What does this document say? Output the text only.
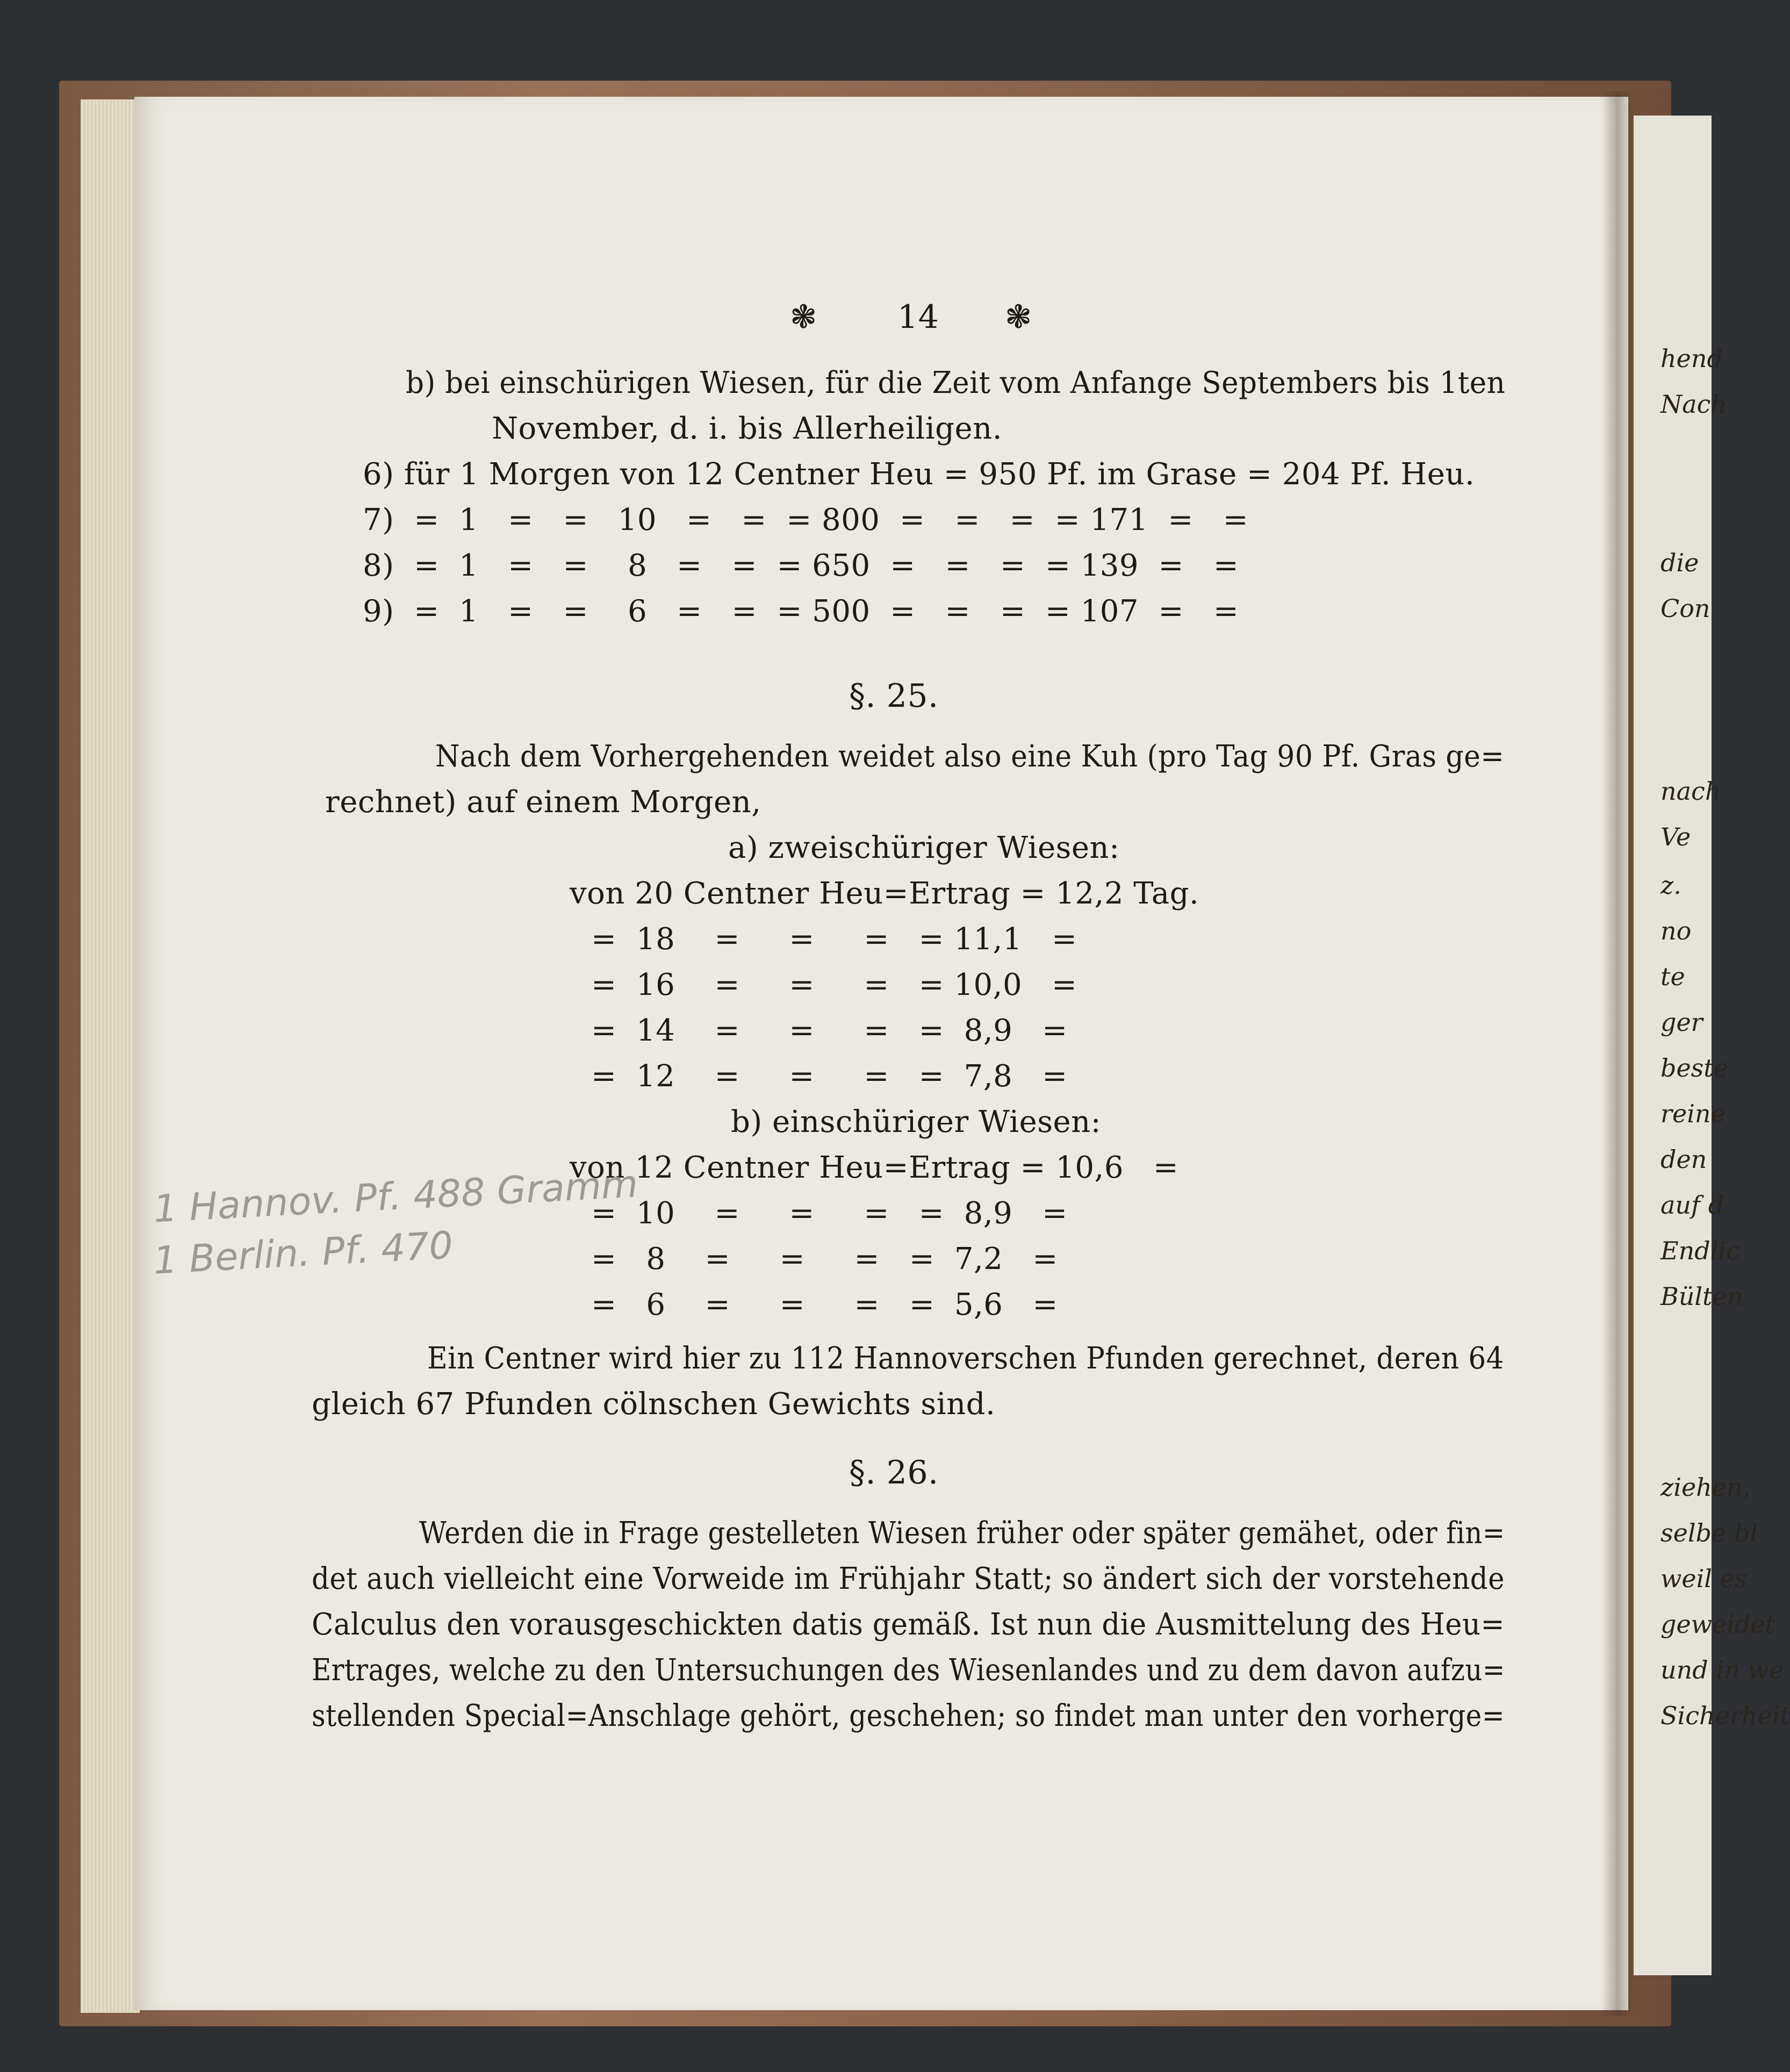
hend
Nach
die
Con
nach
Ve
z.
no
te
ger
beste
reine
den
auf d
Endlic
Bülten
ziehen,
selbe bl
weil es
geweidet
und in we
Sicherheit
❃ 14 ❃
b) bei einschürigen Wiesen, für die Zeit vom Anfange Septembers bis 1ten
November, d. i. bis Allerheiligen.
6) für 1 Morgen von 12 Centner Heu = 950 Pf. im Grase = 204 Pf. Heu.
7)  =  1   =   =   10   =   =  = 800  =   =   =  = 171  =   =
8)  =  1   =   =    8   =   =  = 650  =   =   =  = 139  =   =
9)  =  1   =   =    6   =   =  = 500  =   =   =  = 107  =   =
§. 25.
Nach dem Vorhergehenden weidet also eine Kuh (pro Tag 90 Pf. Gras ge=
rechnet) auf einem Morgen,
a) zweischüriger Wiesen:
von 20 Centner Heu=Ertrag = 12,2 Tag.
=  18    =     =     =   = 11,1   =
=  16    =     =     =   = 10,0   =
=  14    =     =     =   =  8,9   =
=  12    =     =     =   =  7,8   =
b) einschüriger Wiesen:
von 12 Centner Heu=Ertrag = 10,6   =
=  10    =     =     =   =  8,9   =
=   8    =     =     =   =  7,2   =
=   6    =     =     =   =  5,6   =
1 Hannov. Pf. 488 Gramm
1 Berlin. Pf. 470
Ein Centner wird hier zu 112 Hannoverschen Pfunden gerechnet, deren 64
gleich 67 Pfunden cölnschen Gewichts sind.
§. 26.
Werden die in Frage gestelleten Wiesen früher oder später gemähet, oder fin=
det auch vielleicht eine Vorweide im Frühjahr Statt; so ändert sich der vorstehende
Calculus den vorausgeschickten datis gemäß. Ist nun die Ausmittelung des Heu=
Ertrages, welche zu den Untersuchungen des Wiesenlandes und zu dem davon aufzu=
stellenden Special=Anschlage gehört, geschehen; so findet man unter den vorherge=
